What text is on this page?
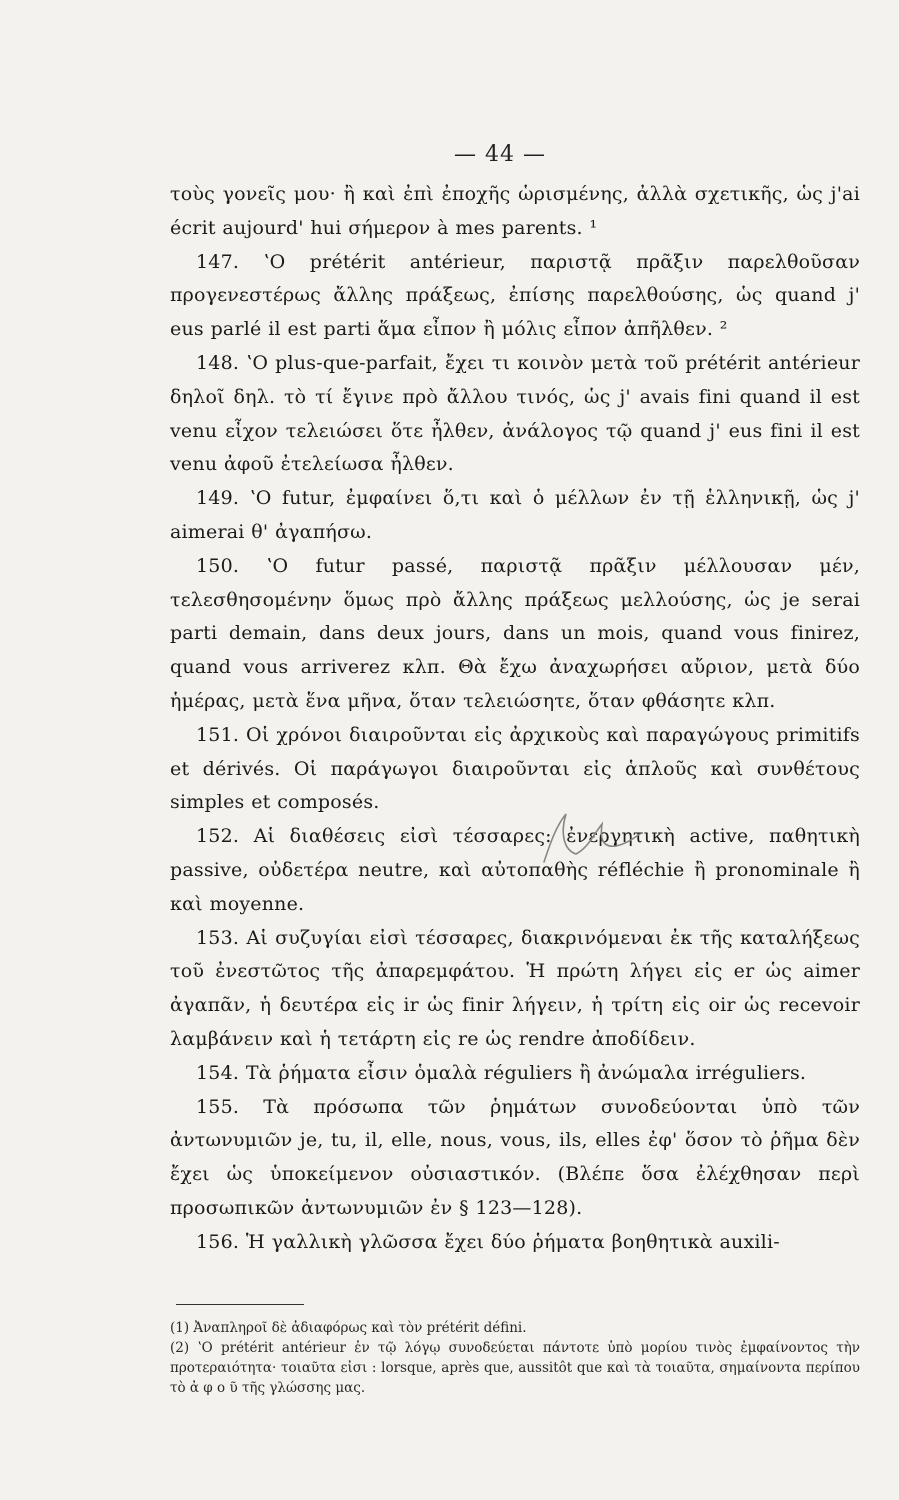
— 44 —

τοὺς γονεῖς μου· ἢ καὶ ἐπὶ ἐποχῆς ὡρισμένης, ἀλλὰ σχετικῆς, ὡς j'ai écrit aujourd' hui σήμερον à mes parents. ¹

147. ʽΟ prétérit antérieur, παριστᾷ πρᾶξιν παρελθοῦσαν προγενεστέρως ἄλλης πράξεως, ἐπίσης παρελθούσης, ὡς quand j' eus parlé il est parti ἅμα εἶπον ἢ μόλις εἶπον ἀπῆλθεν. ²

148. ʽΟ plus-que-parfait, ἔχει τι κοινὸν μετὰ τοῦ prétérit antérieur δηλοῖ δηλ. τὸ τί ἔγινε πρὸ ἄλλου τινός, ὡς j' avais fini quand il est venu εἶχον τελειώσει ὅτε ἦλθεν, ἀνάλογος τῷ quand j' eus fini il est venu ἀφοῦ ἐτελείωσα ἦλθεν.

149. ʽΟ futur, ἐμφαίνει ὅ,τι καὶ ὁ μέλλων ἐν τῇ ἑλληνικῇ, ὡς j' aimerai θ' ἀγαπήσω.

150. ʽΟ futur passé, παριστᾷ πρᾶξιν μέλλουσαν μέν, τελεσθησομένην ὅμως πρὸ ἄλλης πράξεως μελλούσης, ὡς je serai parti demain, dans deux jours, dans un mois, quand vous finirez, quand vous arriverez κλπ. Θὰ ἔχω ἀναχωρήσει αὔριον, μετὰ δύο ἡμέρας, μετὰ ἕνα μῆνα, ὅταν τελειώσητε, ὅταν φθάσητε κλπ.

151. Οἱ χρόνοι διαιροῦνται εἰς ἀρχικοὺς καὶ παραγώγους primitifs et dérivés. Οἱ παράγωγοι διαιροῦνται εἰς ἁπλοῦς καὶ συνθέτους simples et composés.

152. Αἱ διαθέσεις εἰσὶ τέσσαρες: ἐνεργητικὴ active, παθητικὴ passive, οὐδετέρα neutre, καὶ αὐτοπαθὴς réfléchie ἢ pronominale ἢ καὶ moyenne.

153. Αἱ συζυγίαι εἰσὶ τέσσαρες, διακρινόμεναι ἐκ τῆς καταλήξεως τοῦ ἐνεστῶτος τῆς ἀπαρεμφάτου. Ἡ πρώτη λήγει εἰς er ὡς aimer ἀγαπᾶν, ἡ δευτέρα εἰς ir ὡς finir λήγειν, ἡ τρίτη εἰς oir ὡς recevoir λαμβάνειν καὶ ἡ τετάρτη εἰς re ὡς rendre ἀποδίδειν.

154. Τὰ ῥήματα εἶσιν ὁμαλὰ réguliers ἢ ἀνώμαλα irréguliers.

155. Τὰ πρόσωπα τῶν ῥημάτων συνοδεύονται ὑπὸ τῶν ἀντωνυμιῶν je, tu, il, elle, nous, vous, ils, elles ἐφ' ὅσον τὸ ῥῆμα δὲν ἔχει ὡς ὑποκείμενον οὐσιαστικόν. (Βλέπε ὅσα ἐλέχθησαν περὶ προσωπικῶν ἀντωνυμιῶν ἐν § 123—128).

156. Ἡ γαλλικὴ γλῶσσα ἔχει δύο ῥήματα βοηθητικὰ auxili-

(1) Ἀναπληροῖ δὲ ἀδιαφόρως καὶ τὸν prétérit défini.

(2) ʽΟ prétérit antérieur ἐν τῷ λόγῳ συνοδεύεται πάντοτε ὑπὸ μορίου τινὸς ἐμφαίνοντος τὴν προτεραιότητα· τοιαῦτα εἰσι : lorsque, après que, aussitôt que καὶ τὰ τοιαῦτα, σημαίνοντα περίπου τὸ ἀ φ ο ῦ τῆς γλώσσης μας.
